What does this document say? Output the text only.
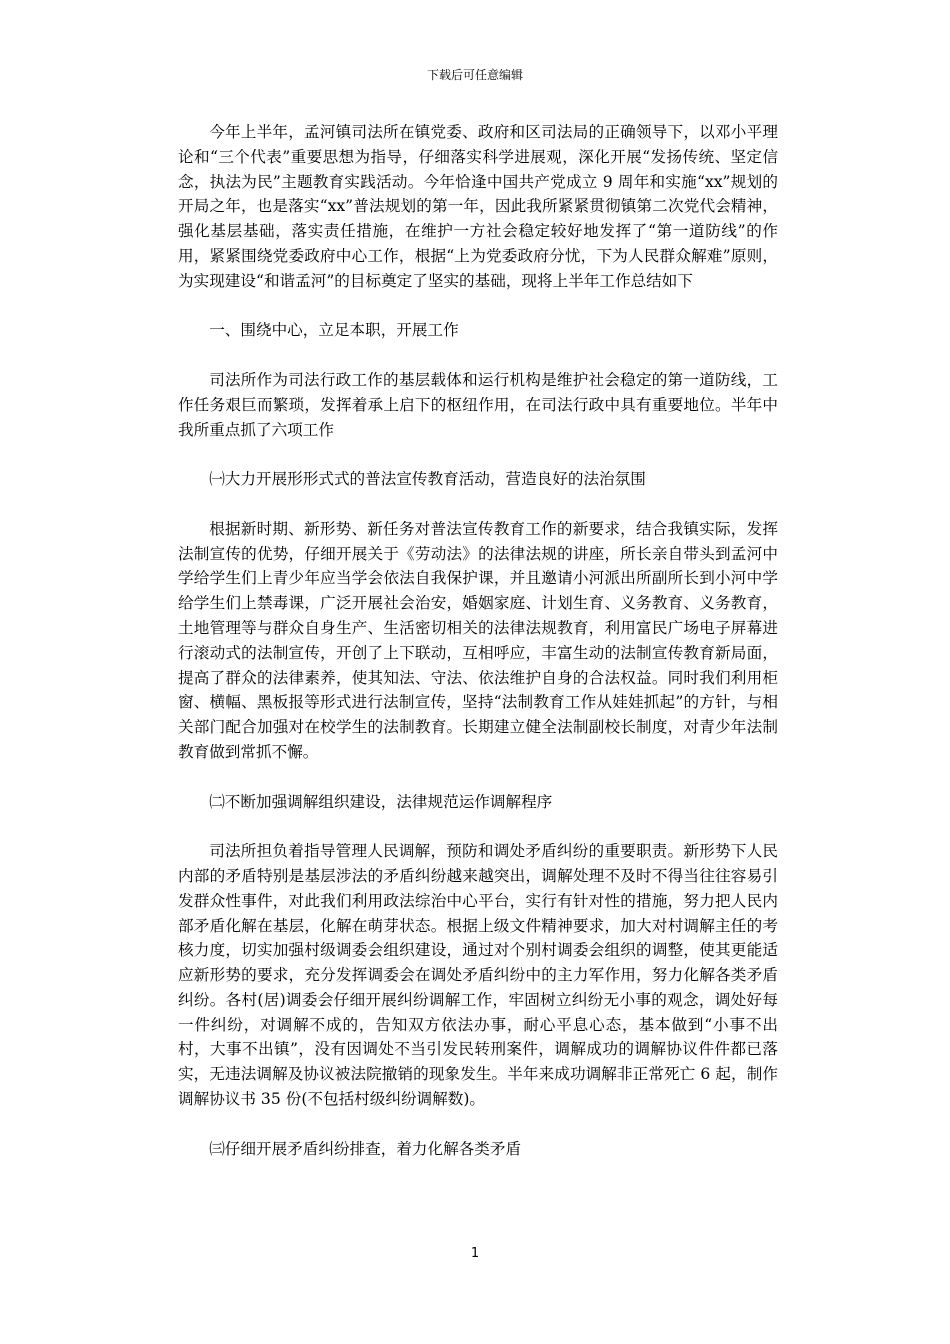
下载后可任意编辑

今年上半年，孟河镇司法所在镇党委、政府和区司法局的正确领导下，以邓小平理论和“三个代表”重要思想为指导，仔细落实科学进展观，深化开展“发扬传统、坚定信念，执法为民”主题教育实践活动。今年恰逢中国共产党成立 9 周年和实施“xx”规划的开局之年，也是落实“xx”普法规划的第一年，因此我所紧紧贯彻镇第二次党代会精神，强化基层基础，落实责任措施，在维护一方社会稳定较好地发挥了“第一道防线”的作用，紧紧围绕党委政府中心工作，根据“上为党委政府分忧，下为人民群众解难”原则，为实现建设“和谐孟河”的目标奠定了坚实的基础，现将上半年工作总结如下

一、围绕中心，立足本职，开展工作

司法所作为司法行政工作的基层载体和运行机构是维护社会稳定的第一道防线，工作任务艰巨而繁琐，发挥着承上启下的枢纽作用，在司法行政中具有重要地位。半年中我所重点抓了六项工作

㈠大力开展形形式式的普法宣传教育活动，营造良好的法治氛围

根据新时期、新形势、新任务对普法宣传教育工作的新要求，结合我镇实际，发挥法制宣传的优势，仔细开展关于《劳动法》的法律法规的讲座，所长亲自带头到孟河中学给学生们上青少年应当学会依法自我保护课，并且邀请小河派出所副所长到小河中学给学生们上禁毒课，广泛开展社会治安，婚姻家庭、计划生育、义务教育、义务教育，土地管理等与群众自身生产、生活密切相关的法律法规教育，利用富民广场电子屏幕进行滚动式的法制宣传，开创了上下联动，互相呼应，丰富生动的法制宣传教育新局面，提高了群众的法律素养，使其知法、守法、依法维护自身的合法权益。同时我们利用柜窗、横幅、黑板报等形式进行法制宣传，坚持“法制教育工作从娃娃抓起”的方针，与相关部门配合加强对在校学生的法制教育。长期建立健全法制副校长制度，对青少年法制教育做到常抓不懈。

㈡不断加强调解组织建设，法律规范运作调解程序

司法所担负着指导管理人民调解，预防和调处矛盾纠纷的重要职责。新形势下人民内部的矛盾特别是基层涉法的矛盾纠纷越来越突出，调解处理不及时不得当往往容易引发群众性事件，对此我们利用政法综治中心平台，实行有针对性的措施，努力把人民内部矛盾化解在基层，化解在萌芽状态。根据上级文件精神要求，加大对村调解主任的考核力度，切实加强村级调委会组织建设，通过对个别村调委会组织的调整，使其更能适应新形势的要求，充分发挥调委会在调处矛盾纠纷中的主力军作用，努力化解各类矛盾纠纷。各村(居)调委会仔细开展纠纷调解工作，牢固树立纠纷无小事的观念，调处好每一件纠纷，对调解不成的，告知双方依法办事，耐心平息心态，基本做到“小事不出村，大事不出镇”，没有因调处不当引发民转刑案件，调解成功的调解协议件件都已落实，无违法调解及协议被法院撤销的现象发生。半年来成功调解非正常死亡 6 起，制作调解协议书 35 份(不包括村级纠纷调解数)。

㈢仔细开展矛盾纠纷排查，着力化解各类矛盾

1
